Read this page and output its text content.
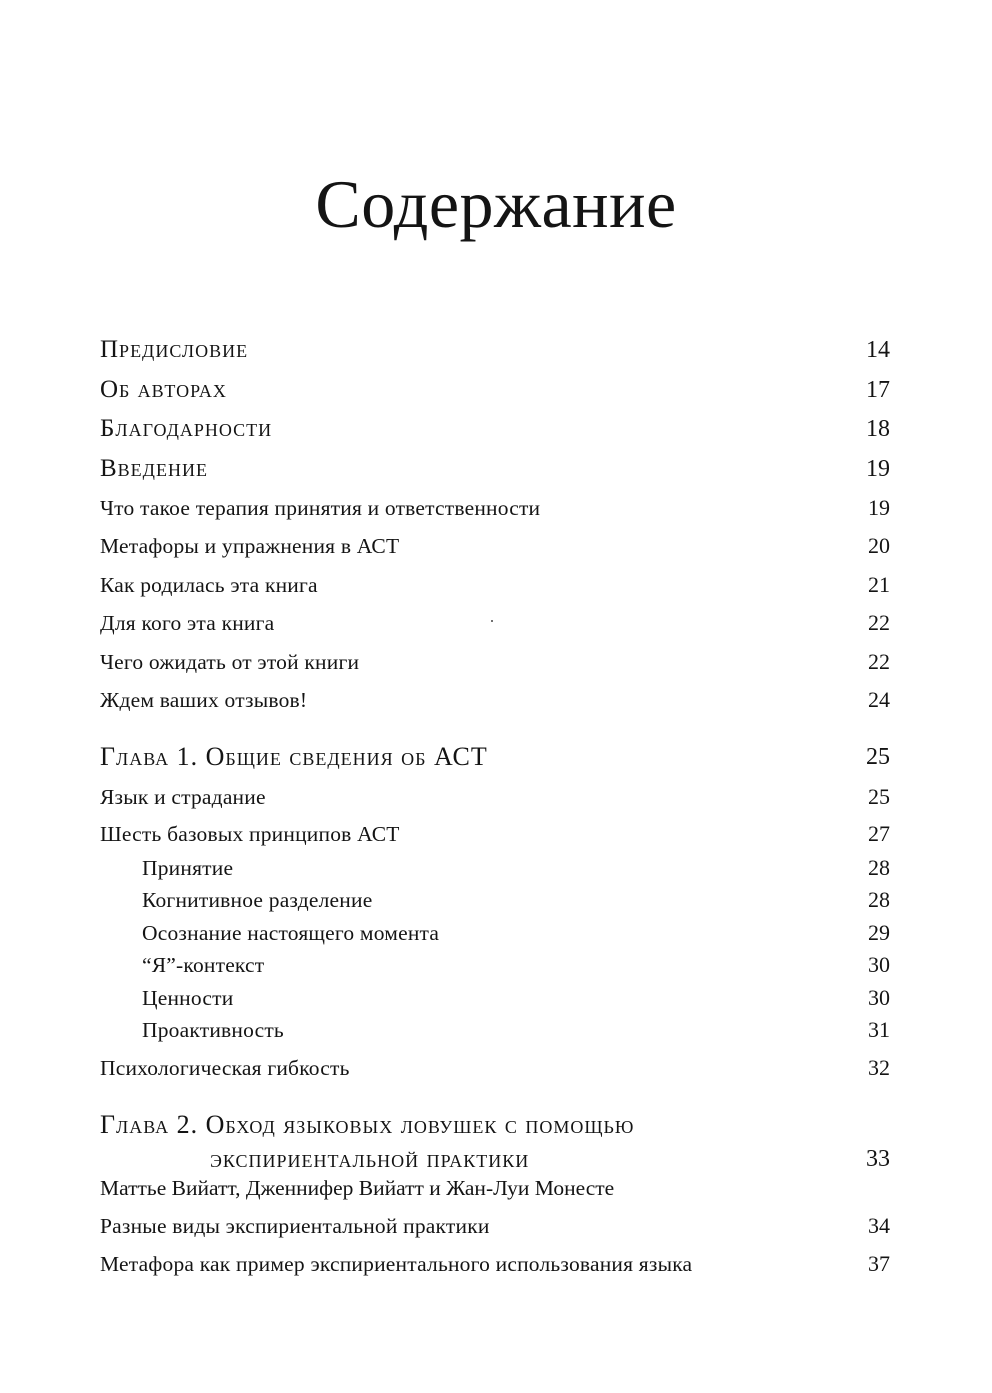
Содержание
Предисловие	14
Об авторах	17
Благодарности	18
Введение	19
Что такое терапия принятия и ответственности	19
Метафоры и упражнения в АСТ	20
Как родилась эта книга	21
Для кого эта книга	22
Чего ожидать от этой книги	22
Ждем ваших отзывов!	24
Глава 1. Общие сведения об АСТ	25
Язык и страдание	25
Шесть базовых принципов АСТ	27
Принятие	28
Когнитивное разделение	28
Осознание настоящего момента	29
“Я”-контекст	30
Ценности	30
Проактивность	31
Психологическая гибкость	32
Глава 2. Обход языковых ловушек с помощью
экспириентальной практики	33
Маттье Вийатт, Дженнифер Вийатт и Жан-Луи Монесте
Разные виды экспириентальной практики	34
Метафора как пример экспириентального использования языка	37
